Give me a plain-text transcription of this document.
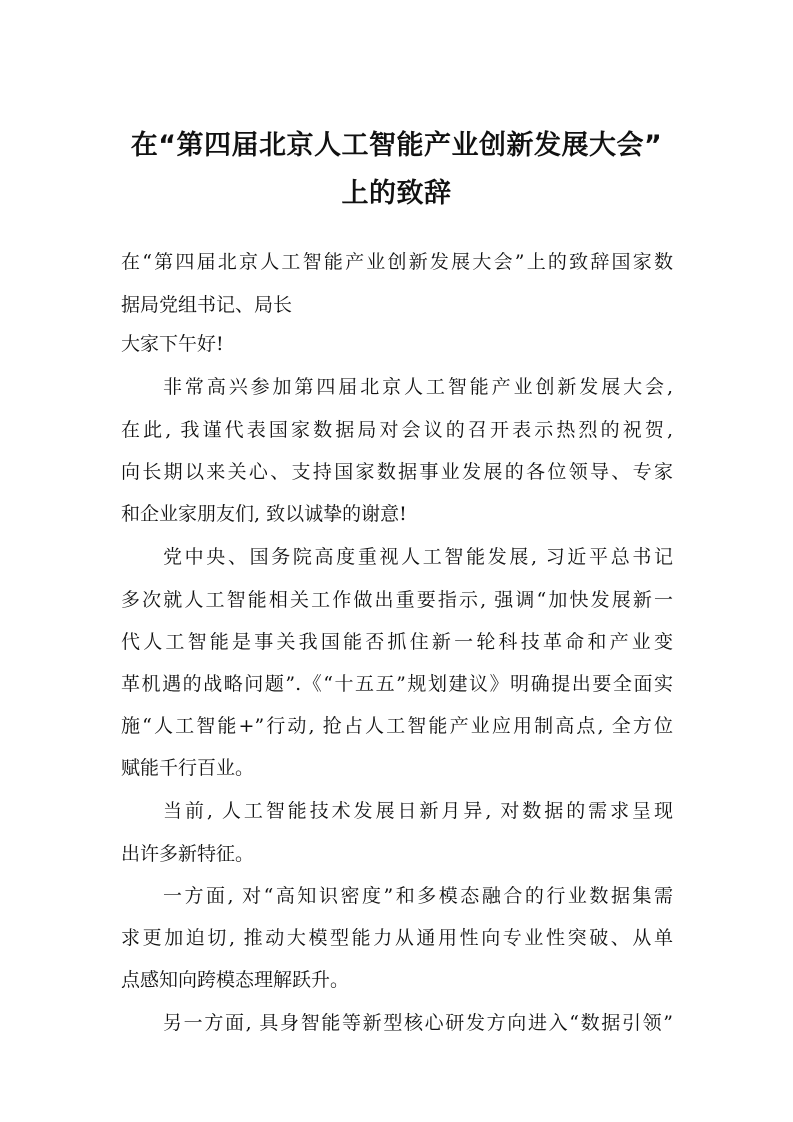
在“第四届北京人工智能产业创新发展大会”
上的致辞
在“第四届北京人工智能产业创新发展大会”上的致辞国家数
据局党组书记、局长
大家下午好!
非常高兴参加第四届北京人工智能产业创新发展大会,
在此, 我谨代表国家数据局对会议的召开表示热烈的祝贺,
向长期以来关心、支持国家数据事业发展的各位领导、专家
和企业家朋友们, 致以诚挚的谢意!
党中央、国务院高度重视人工智能发展, 习近平总书记
多次就人工智能相关工作做出重要指示, 强调“加快发展新一
代人工智能是事关我国能否抓住新一轮科技革命和产业变
革机遇的战略问题”.《“十五五”规划建议》明确提出要全面实
施“人工智能+”行动, 抢占人工智能产业应用制高点, 全方位
赋能千行百业。
当前, 人工智能技术发展日新月异, 对数据的需求呈现
出许多新特征。
一方面, 对“高知识密度”和多模态融合的行业数据集需
求更加迫切, 推动大模型能力从通用性向专业性突破、从单
点感知向跨模态理解跃升。
另一方面, 具身智能等新型核心研发方向进入“数据引领”
